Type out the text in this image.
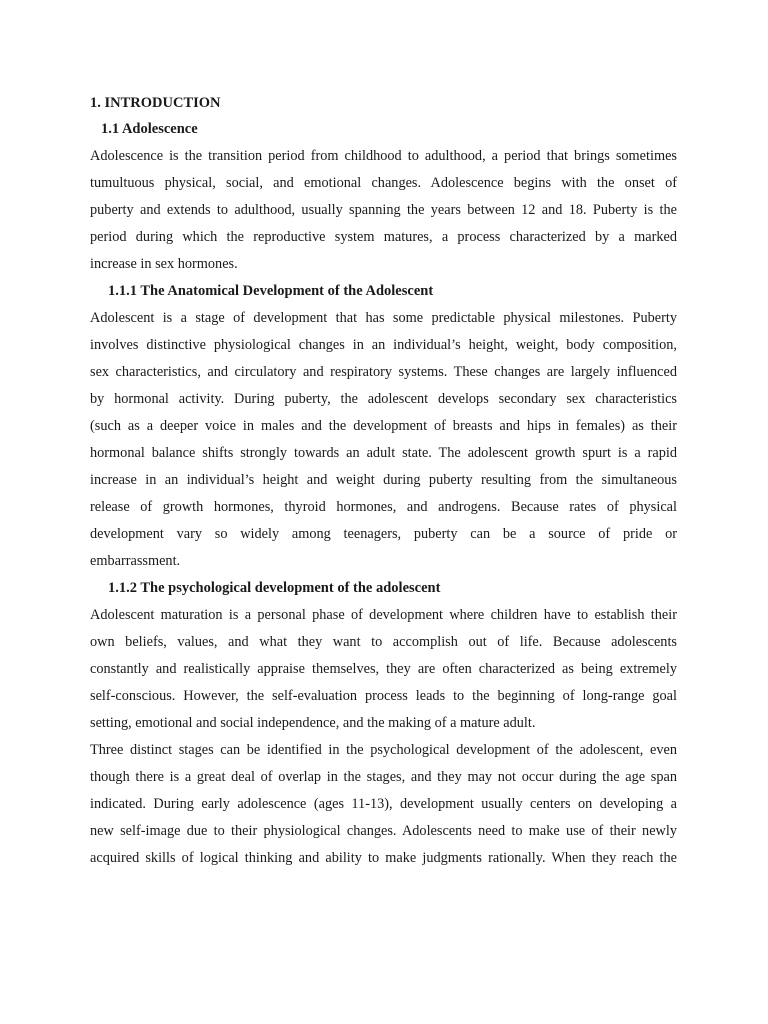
1. INTRODUCTION
1.1 Adolescence
Adolescence is the transition period from childhood to adulthood, a period that brings sometimes
tumultuous physical, social, and emotional changes. Adolescence begins with the onset of
puberty and extends to adulthood, usually spanning the years between 12 and 18. Puberty is the
period during which the reproductive system matures, a process characterized by a marked
increase in sex hormones.
1.1.1 The Anatomical Development of the Adolescent
Adolescent is a stage of development that has some predictable physical milestones. Puberty
involves distinctive physiological changes in an individual’s height, weight, body composition,
sex characteristics, and circulatory and respiratory systems. These changes are largely influenced
by hormonal activity. During puberty, the adolescent develops secondary sex characteristics
(such as a deeper voice in males and the development of breasts and hips in females) as their
hormonal balance shifts strongly towards an adult state. The adolescent growth spurt is a rapid
increase in an individual’s height and weight during puberty resulting from the simultaneous
release of growth hormones, thyroid hormones, and androgens. Because rates of physical
development vary so widely among teenagers, puberty can be a source of pride or
embarrassment.
1.1.2 The psychological development of the adolescent
Adolescent maturation is a personal phase of development where children have to establish their
own beliefs, values, and what they want to accomplish out of life. Because adolescents
constantly and realistically appraise themselves, they are often characterized as being extremely
self-conscious. However, the self-evaluation process leads to the beginning of long-range goal
setting, emotional and social independence, and the making of a mature adult.
Three distinct stages can be identified in the psychological development of the adolescent, even
though there is a great deal of overlap in the stages, and they may not occur during the age span
indicated. During early adolescence (ages 11-13), development usually centers on developing a
new self-image due to their physiological changes. Adolescents need to make use of their newly
acquired skills of logical thinking and ability to make judgments rationally. When they reach the
